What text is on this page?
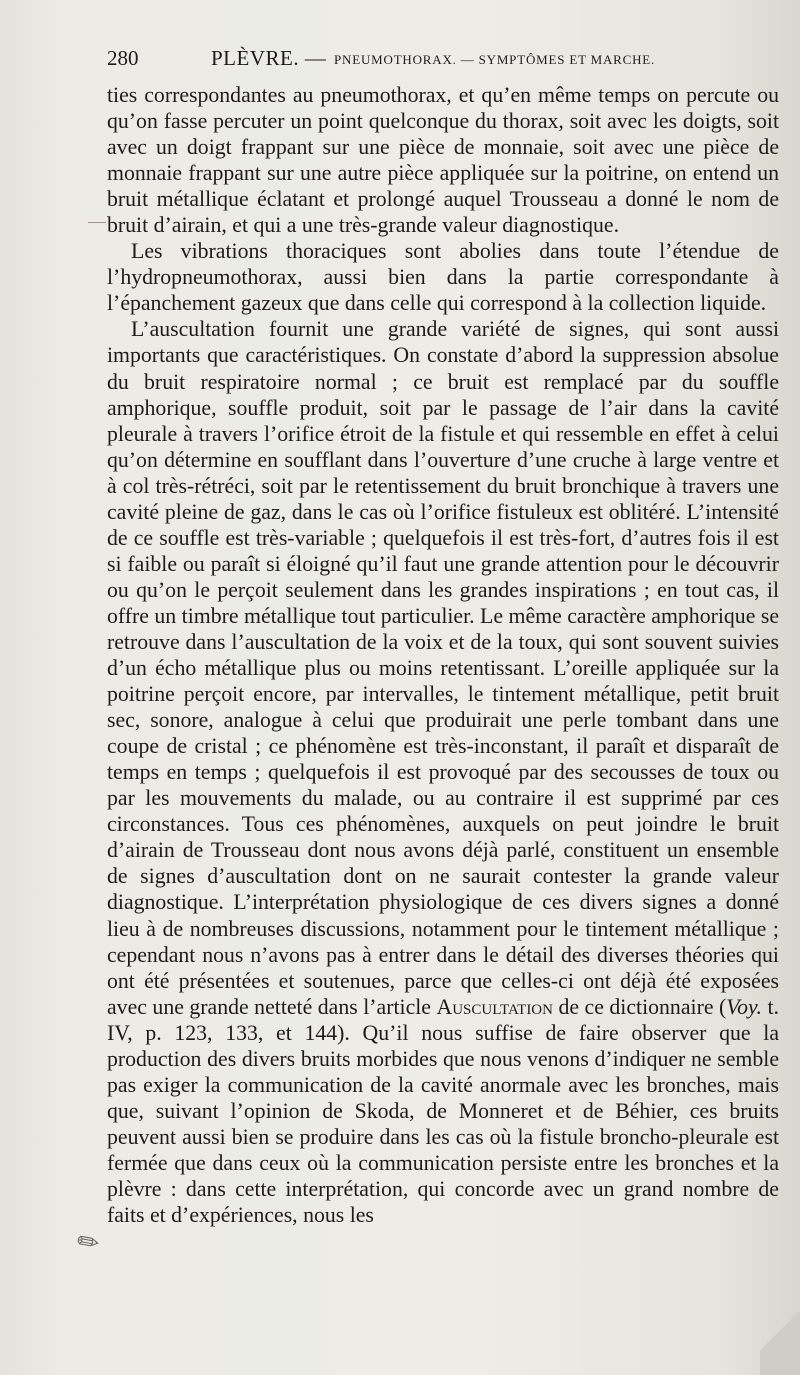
280	PLÈVRE. — PNEUMOTHORAX. — SYMPTÔMES ET MARCHE.

ties correspondantes au pneumothorax, et qu’en même temps on percute ou qu’on fasse percuter un point quelconque du thorax, soit avec les doigts, soit avec un doigt frappant sur une pièce de monnaie, soit avec une pièce de monnaie frappant sur une autre pièce appliquée sur la poitrine, on entend un bruit métallique éclatant et prolongé auquel Trousseau a donné le nom de bruit d’airain, et qui a une très-grande valeur diagnostique.

Les vibrations thoraciques sont abolies dans toute l’étendue de l’hydropneumothorax, aussi bien dans la partie correspondante à l’épanchement gazeux que dans celle qui correspond à la collection liquide.

L’auscultation fournit une grande variété de signes, qui sont aussi importants que caractéristiques. On constate d’abord la suppression absolue du bruit respiratoire normal ; ce bruit est remplacé par du souffle amphorique, souffle produit, soit par le passage de l’air dans la cavité pleurale à travers l’orifice étroit de la fistule et qui ressemble en effet à celui qu’on détermine en soufflant dans l’ouverture d’une cruche à large ventre et à col très-rétréci, soit par le retentissement du bruit bronchique à travers une cavité pleine de gaz, dans le cas où l’orifice fistuleux est oblitéré. L’intensité de ce souffle est très-variable ; quelquefois il est très-fort, d’autres fois il est si faible ou paraît si éloigné qu’il faut une grande attention pour le découvrir ou qu’on le perçoit seulement dans les grandes inspirations ; en tout cas, il offre un timbre métallique tout particulier. Le même caractère amphorique se retrouve dans l’auscultation de la voix et de la toux, qui sont souvent suivies d’un écho métallique plus ou moins retentissant. L’oreille appliquée sur la poitrine perçoit encore, par intervalles, le tintement métallique, petit bruit sec, sonore, analogue à celui que produirait une perle tombant dans une coupe de cristal ; ce phénomène est très-inconstant, il paraît et disparaît de temps en temps ; quelquefois il est provoqué par des secousses de toux ou par les mouvements du malade, ou au contraire il est supprimé par ces circonstances. Tous ces phénomènes, auxquels on peut joindre le bruit d’airain de Trousseau dont nous avons déjà parlé, constituent un ensemble de signes d’auscultation dont on ne saurait contester la grande valeur diagnostique. L’interprétation physiologique de ces divers signes a donné lieu à de nombreuses discussions, notamment pour le tintement métallique ; cependant nous n’avons pas à entrer dans le détail des diverses théories qui ont été présentées et soutenues, parce que celles-ci ont déjà été exposées avec une grande netteté dans l’article Auscultation de ce dictionnaire (Voy. t. IV, p. 123, 133, et 144). Qu’il nous suffise de faire observer que la production des divers bruits morbides que nous venons d’indiquer ne semble pas exiger la communication de la cavité anormale avec les bronches, mais que, suivant l’opinion de Skoda, de Monneret et de Béhier, ces bruits peuvent aussi bien se produire dans les cas où la fistule broncho-pleurale est fermée que dans ceux où la communication persiste entre les bronches et la plèvre : dans cette interprétation, qui concorde avec un grand nombre de faits et d’expériences, nous les

✎
